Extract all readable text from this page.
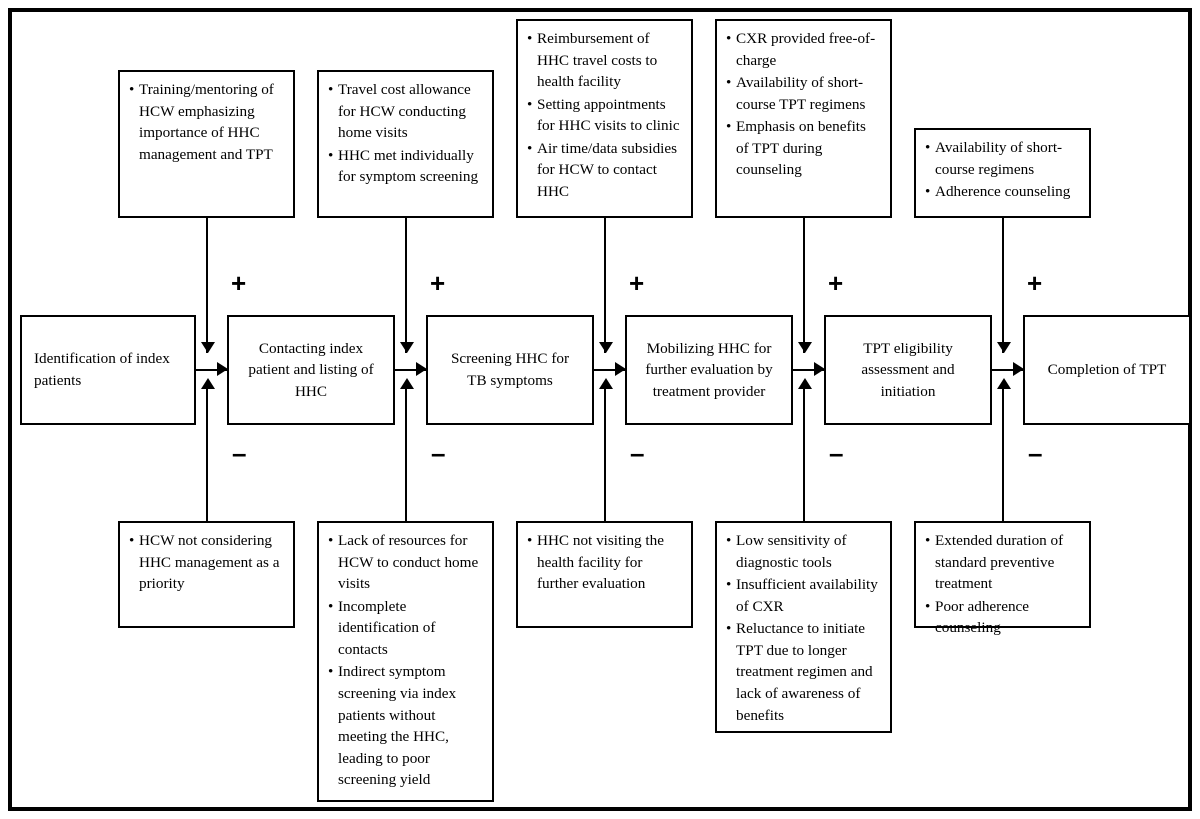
+	+	+	+	+
–	–	–	–	–
• Training/mentoring of HCW emphasizing importance of HHC management and TPT
• Travel cost allowance for HCW conducting home visits
• HHC met individually for symptom screening
• Reimbursement of HHC travel costs to health facility
• Setting appointments for HHC visits to clinic
• Air time/data subsidies for HCW to contact HHC
• CXR provided free-of-charge
• Availability of short-course TPT regimens
• Emphasis on benefits of TPT during counseling
• Availability of short-course regimens
• Adherence counseling
Identification of index patients
Contacting index patient and listing of HHC
Screening HHC for TB symptoms
Mobilizing HHC for further evaluation by treatment provider
TPT eligibility assessment and initiation
Completion of TPT
• HCW not considering HHC management as a priority
• Lack of resources for HCW to conduct home visits
• Incomplete identification of contacts
• Indirect symptom screening via index patients without meeting the HHC, leading to poor screening yield
• HHC not visiting the health facility for further evaluation
• Low sensitivity of diagnostic tools
• Insufficient availability of CXR
• Reluctance to initiate TPT due to longer treatment regimen and lack of awareness of benefits
• Extended duration of standard preventive treatment
• Poor adherence counseling
